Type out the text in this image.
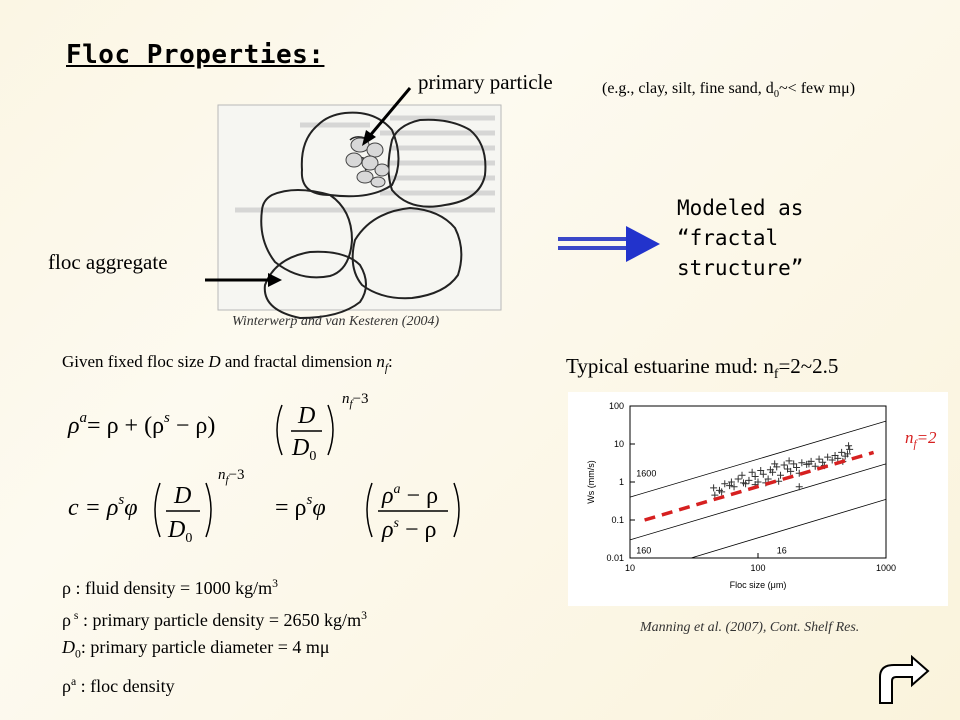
Floc Properties:
primary particle	(e.g., clay, silt, fine sand, $d_0\sim<$ few mμ)
floc aggregate
Modeled as
“fractal
structure”
Winterwerp and van Kesteren (2004)
Given fixed floc size D and fractal dimension $n_f$:
$\rho^a= \rho + (\rho^s - \rho)$	D
$D_0$
$n_f-3$
$c = \rho^s\varphi$ D
$D_0$
$n_f-3$
= $\rho^s\varphi$ $\rho^a - \rho$
$\rho^s - \rho$
ρ : fluid density = 1000 $kg/m^3$
ρ $^s$ : primary particle density = 2650 $kg/m^3$
$D_0$: primary particle diameter = 4 mμ
$\rho^a$ : floc density
Typical estuarine mud: $n_f=2\sim 2.5$
0.01
0.1
1
10
100
10	100	1000
Floc size (μm)
Ws (mm/s)	1600
160	16
$n_f=2$
Manning et al. (2007), Cont. Shelf Res.
